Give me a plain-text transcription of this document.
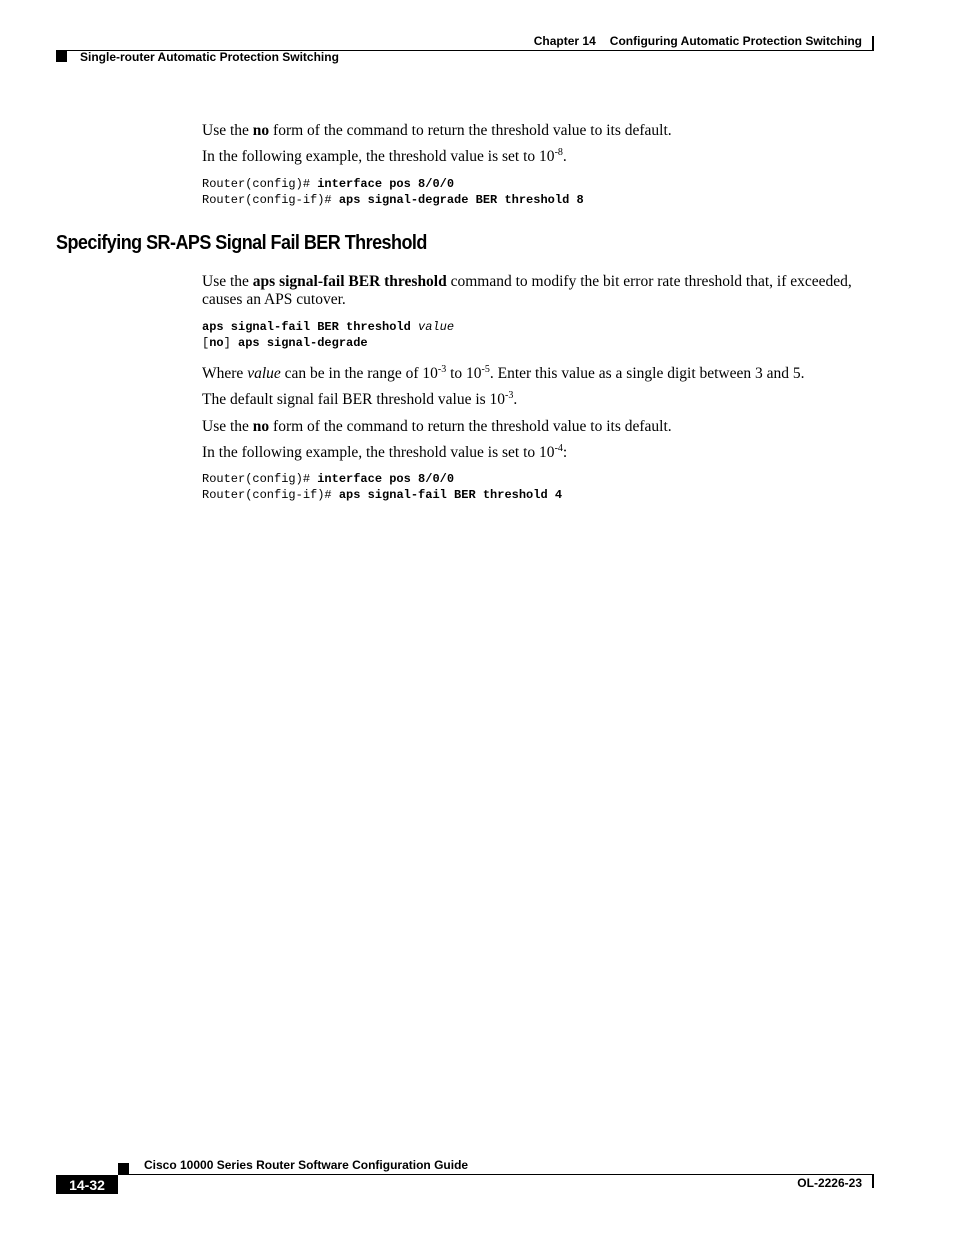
Chapter 14 Configuring Automatic Protection Switching
Single-router Automatic Protection Switching
Use the no form of the command to return the threshold value to its default.
In the following example, the threshold value is set to $10^{-8}$.
Router(config)# interface pos 8/0/0
Router(config-if)# aps signal-degrade BER threshold 8
Specifying SR-APS Signal Fail BER Threshold
Use the aps signal-fail BER threshold command to modify the bit error rate threshold that, if exceeded, causes an APS cutover.
aps signal-fail BER threshold value
[no] aps signal-degrade
Where value can be in the range of $10^{-3}$ to $10^{-5}$. Enter this value as a single digit between 3 and 5.
The default signal fail BER threshold value is $10^{-3}$.
Use the no form of the command to return the threshold value to its default.
In the following example, the threshold value is set to $10^{-4}$:
Router(config)# interface pos 8/0/0
Router(config-if)# aps signal-fail BER threshold 4
Cisco 10000 Series Router Software Configuration Guide
14-32	OL-2226-23
